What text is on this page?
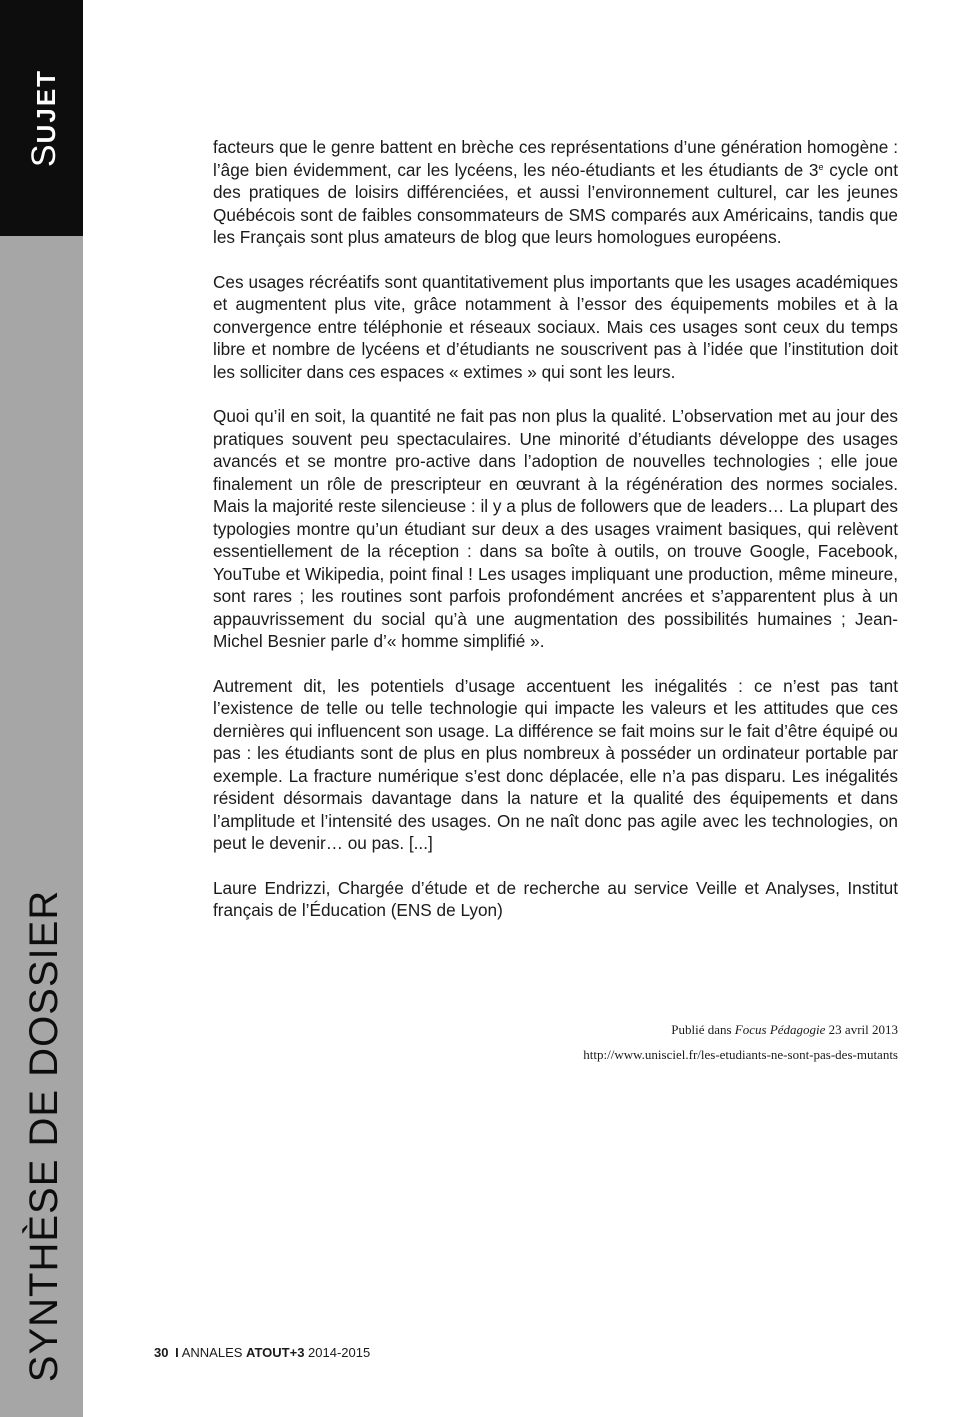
SUJET
SYNTHÈSE DE DOSSIER

facteurs que le genre battent en brèche ces représentations d’une génération homogène : l’âge bien évidemment, car les lycéens, les néo-étudiants et les étudiants de 3e cycle ont des pratiques de loisirs différenciées, et aussi l’environnement culturel, car les jeunes Québécois sont de faibles consommateurs de SMS comparés aux Américains, tandis que les Français sont plus amateurs de blog que leurs homologues européens.

Ces usages récréatifs sont quantitativement plus importants que les usages académiques et augmentent plus vite, grâce notamment à l’essor des équipements mobiles et à la convergence entre téléphonie et réseaux sociaux. Mais ces usages sont ceux du temps libre et nombre de lycéens et d’étudiants ne souscrivent pas à l’idée que l’institution doit les solliciter dans ces espaces « extimes » qui sont les leurs.

Quoi qu’il en soit, la quantité ne fait pas non plus la qualité. L’observation met au jour des pratiques souvent peu spectaculaires. Une minorité d’étudiants développe des usages avancés et se montre pro-active dans l’adoption de nouvelles technologies ; elle joue finalement un rôle de prescripteur en œuvrant à la régénération des normes sociales. Mais la majorité reste silencieuse : il y a plus de followers que de leaders… La plupart des typologies montre qu’un étudiant sur deux a des usages vraiment basiques, qui relèvent essentiellement de la réception : dans sa boîte à outils, on trouve Google, Facebook, YouTube et Wikipedia, point final ! Les usages impliquant une production, même mineure, sont rares ; les routines sont parfois profondément ancrées et s’apparentent plus à un appauvrissement du social qu’à une augmentation des possibilités humaines ; Jean-Michel Besnier parle d’« homme simplifié ».

Autrement dit, les potentiels d’usage accentuent les inégalités : ce n’est pas tant l’existence de telle ou telle technologie qui impacte les valeurs et les attitudes que ces dernières qui influencent son usage. La différence se fait moins sur le fait d’être équipé ou pas : les étudiants sont de plus en plus nombreux à posséder un ordinateur portable par exemple. La fracture numérique s’est donc déplacée, elle n’a pas disparu. Les inégalités résident désormais davantage dans la nature et la qualité des équipements et dans l’amplitude et l’intensité des usages. On ne naît donc pas agile avec les technologies, on peut le devenir… ou pas. [...]

Laure Endrizzi, Chargée d’étude et de recherche au service Veille et Analyses, Institut français de l’Éducation (ENS de Lyon)

Publié dans Focus Pédagogie 23 avril 2013
http://www.unisciel.fr/les-etudiants-ne-sont-pas-des-mutants
30 I ANNALES ATOUT+3 2014-2015
